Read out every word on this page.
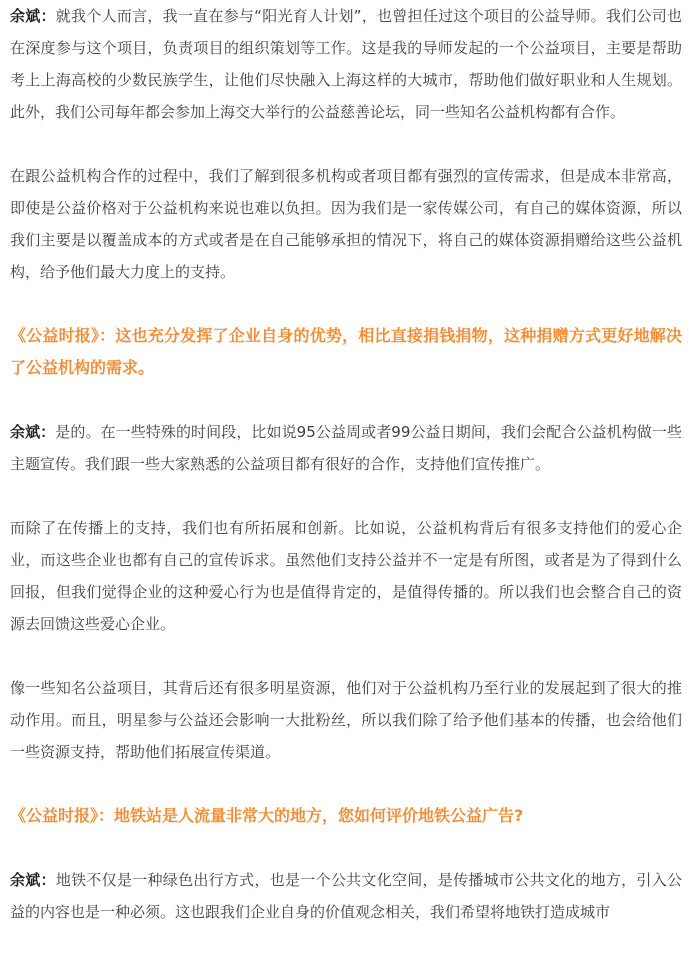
余斌：就我个人而言，我一直在参与“阳光育人计划”，也曾担任过这个项目的公益导师。我们公司也在深度参与这个项目，负责项目的组织策划等工作。这是我的导师发起的一个公益项目，主要是帮助考上上海高校的少数民族学生，让他们尽快融入上海这样的大城市，帮助他们做好职业和人生规划。此外，我们公司每年都会参加上海交大举行的公益慈善论坛，同一些知名公益机构都有合作。

在跟公益机构合作的过程中，我们了解到很多机构或者项目都有强烈的宣传需求，但是成本非常高，即使是公益价格对于公益机构来说也难以负担。因为我们是一家传媒公司，有自己的媒体资源，所以我们主要是以覆盖成本的方式或者是在自己能够承担的情况下，将自己的媒体资源捐赠给这些公益机构，给予他们最大力度上的支持。

《公益时报》：这也充分发挥了企业自身的优势，相比直接捐钱捐物，这种捐赠方式更好地解决了公益机构的需求。

余斌：是的。在一些特殊的时间段，比如说95公益周或者99公益日期间，我们会配合公益机构做一些主题宣传。我们跟一些大家熟悉的公益项目都有很好的合作，支持他们宣传推广。

而除了在传播上的支持，我们也有所拓展和创新。比如说，公益机构背后有很多支持他们的爱心企业，而这些企业也都有自己的宣传诉求。虽然他们支持公益并不一定是有所图，或者是为了得到什么回报，但我们觉得企业的这种爱心行为也是值得肯定的，是值得传播的。所以我们也会整合自己的资源去回馈这些爱心企业。

像一些知名公益项目，其背后还有很多明星资源，他们对于公益机构乃至行业的发展起到了很大的推动作用。而且，明星参与公益还会影响一大批粉丝，所以我们除了给予他们基本的传播，也会给他们一些资源支持，帮助他们拓展宣传渠道。

《公益时报》：地铁站是人流量非常大的地方，您如何评价地铁公益广告?

余斌：地铁不仅是一种绿色出行方式，也是一个公共文化空间，是传播城市公共文化的地方，引入公益的内容也是一种必须。这也跟我们企业自身的价值观念相关，我们希望将地铁打造成城市
